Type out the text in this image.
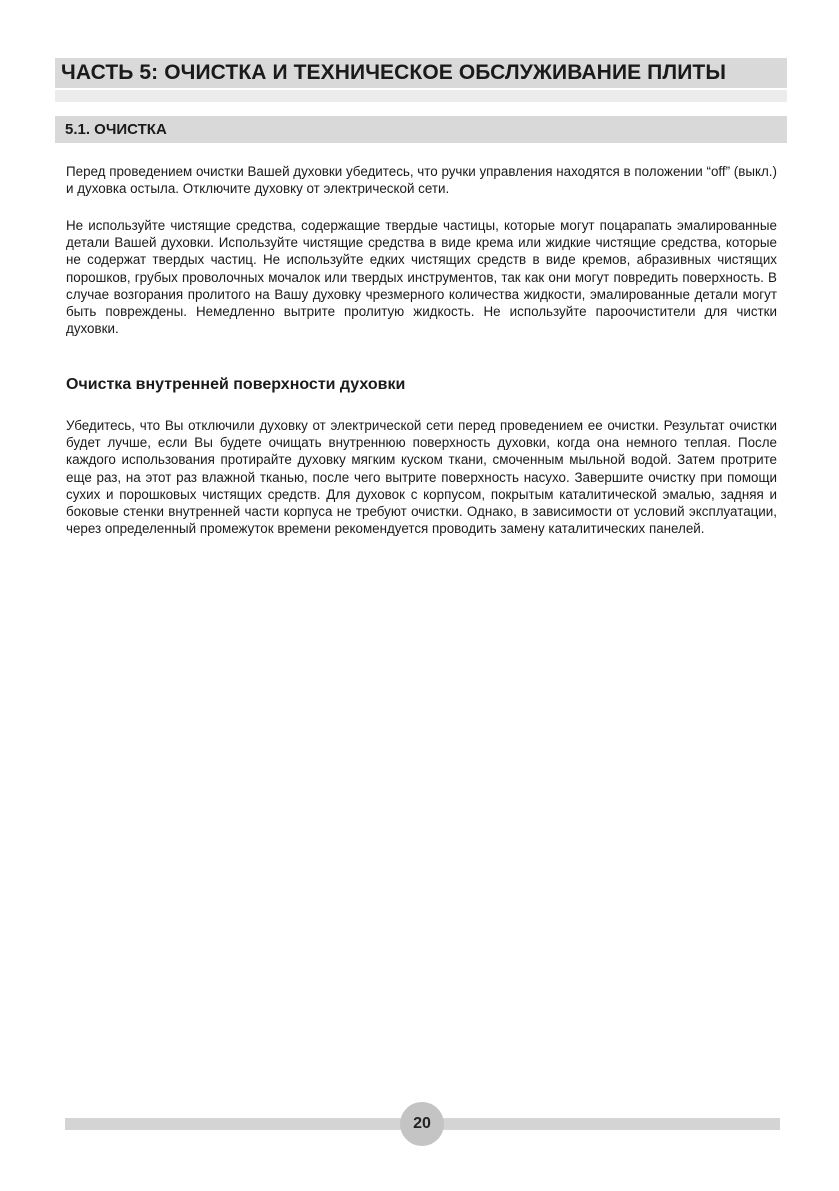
ЧАСТЬ 5: ОЧИСТКА И ТЕХНИЧЕСКОЕ ОБСЛУЖИВАНИЕ ПЛИТЫ
5.1. ОЧИСТКА

Перед проведением очистки Вашей духовки убедитесь, что ручки управления находятся в положении “off” (выкл.) и духовка остыла. Отключите духовку от электрической сети.

Не используйте чистящие средства, содержащие твердые частицы, которые могут поцарапать эмалированные детали Вашей духовки. Используйте чистящие средства в виде крема или жидкие чистящие средства, которые не содержат твердых частиц. Не используйте едких чистящих средств в виде кремов, абразивных чистящих порошков, грубых проволочных мочалок или твердых инструментов, так как они могут повредить поверхность. В случае возгорания пролитого на Вашу духовку чрезмерного количества жидкости, эмалированные детали могут быть повреждены. Немедленно вытрите пролитую жидкость. Не используйте пароочистители для чистки духовки.

Очистка внутренней поверхности духовки

Убедитесь, что Вы отключили духовку от электрической сети перед проведением ее очистки. Результат очистки будет лучше, если Вы будете очищать внутреннюю поверхность духовки, когда она немного теплая. После каждого использования протирайте духовку мягким куском ткани, смоченным мыльной водой. Затем протрите еще раз, на этот раз влажной тканью, после чего вытрите поверхность насухо. Завершите очистку при помощи сухих и порошковых чистящих средств. Для духовок с корпусом, покрытым каталитической эмалью, задняя и боковые стенки внутренней части корпуса не требуют очистки. Однако, в зависимости от условий эксплуатации, через определенный промежуток времени рекомендуется проводить замену каталитических панелей.

20
